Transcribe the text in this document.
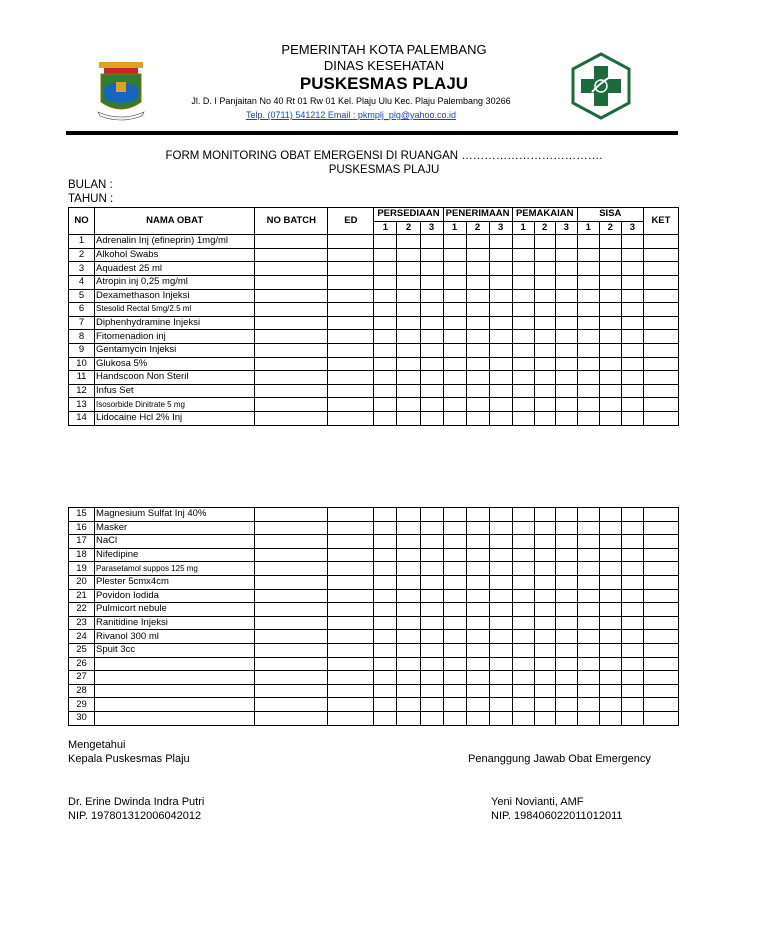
PEMERINTAH KOTA PALEMBANG
DINAS KESEHATAN
PUSKESMAS PLAJU
Jl. D. I Panjaitan No 40 Rt 01 Rw 01 Kel. Plaju Ulu Kec. Plaju Palembang 30266
Telp. (0711) 541212 Email : pkmplj_plg@yahoo.co.id
FORM MONITORING OBAT EMERGENSI DI RUANGAN ……………………………….
PUSKESMAS PLAJU
BULAN :
TAHUN :
NO	NAMA OBAT	NO BATCH	ED	PERSEDIAAN			PENERIMAAN			PEMAKAIAN			SISA			KET
				1	2	3	1	2	3	1	2	3	1	2	3	
1	Adrenalin Inj (efineprin) 1mg/ml															
2	Alkohol Swabs															
3	Aquadest 25 ml															
4	Atropin inj 0,25 mg/ml															
5	Dexamethason Injeksi															
6	Stesolid Rectal 5mg/2.5 ml															
7	Diphenhydramine Injeksi															
8	Fitomenadion inj															
9	Gentamycin Injeksi															
10	Glukosa 5%															
11	Handscoon Non Steril															
12	Infus Set															
13	Isosorbide Dinitrate 5 mg															
14	Lidocaine Hcl 2% Inj															
15	Magnesium Sulfat Inj 40%															
16	Masker															
17	NaCl															
18	Nifedipine															
19	Parasetamol suppos 125 mg															
20	Plester 5cmx4cm															
21	Povidon Iodida															
22	Pulmicort nebule															
23	Ranitidine Injeksi															
24	Rivanol 300 ml															
25	Spuit 3cc															
26																
27																
28																
29																
30																
Mengetahui
Kepala Puskesmas Plaju	Penanggung Jawab Obat Emergency
Dr. Erine Dwinda Indra Putri
NIP. 197801312006042012
Yeni Novianti, AMF
NIP. 198406022011012011
